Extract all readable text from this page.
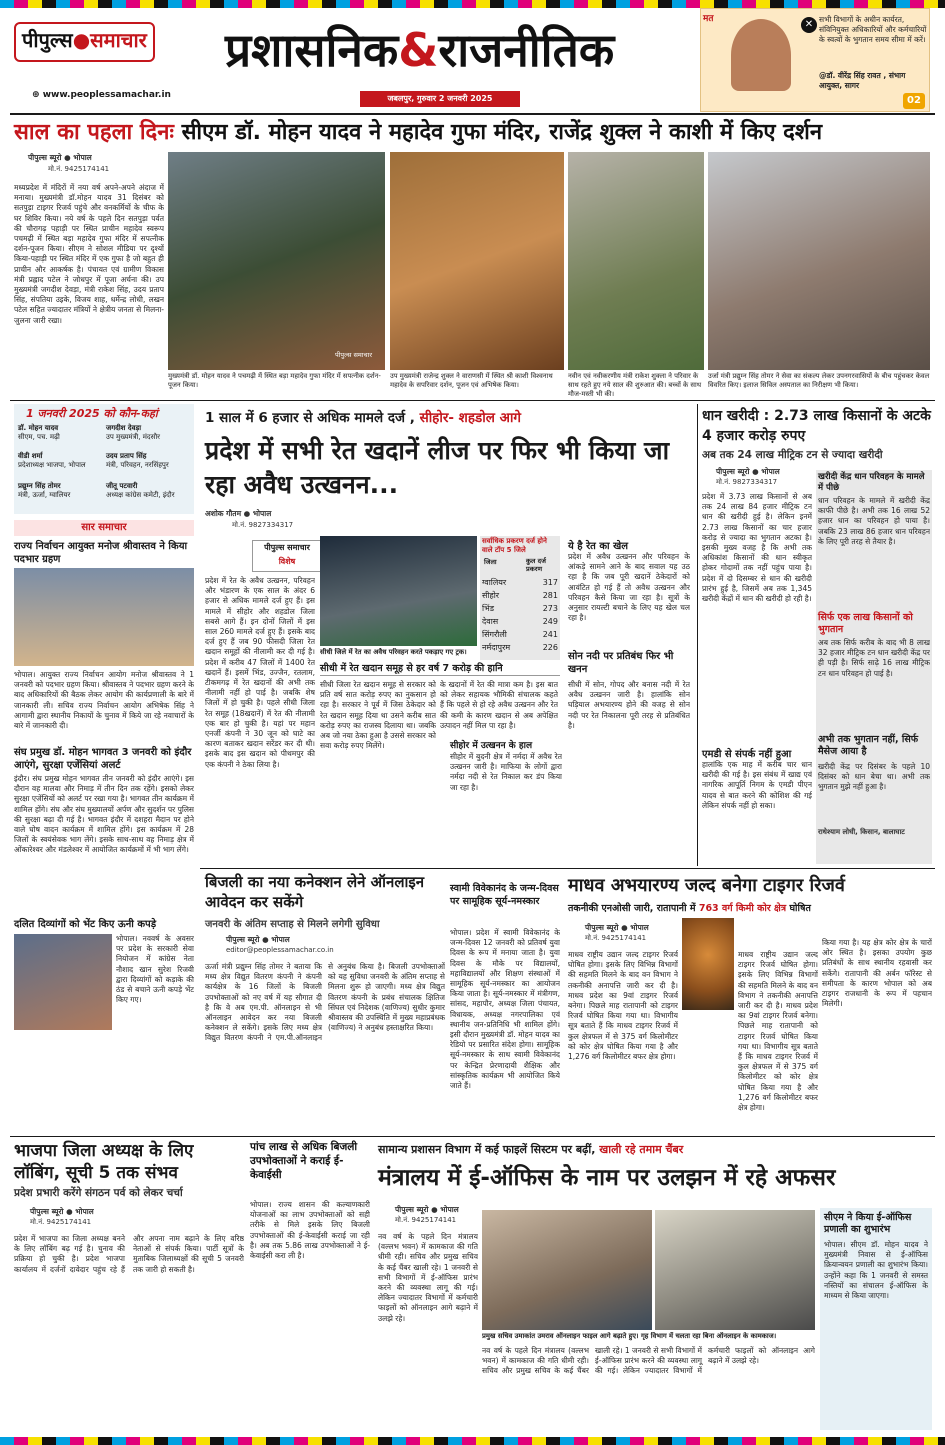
पीपुल्स●समाचार
⊕ www.peoplessamachar.in
प्रशासनिक&राजनीतिक
जबलपुर, गुरुवार 2 जनवरी 2025
मत	✕ सभी विभागों के अधीन कार्यरत, संविनियुक्त अधिकारियों और कर्मचारियों के स्वत्वों के भुगतान समय सीमा में करें।
@डॉ. वीरेंद्र सिंह रावत , संभाग आयुक्त, सागर
02
साल का पहला दिनः सीएम डॉ. मोहन यादव ने महादेव गुफा मंदिर, राजेंद्र शुक्ल ने काशी में किए दर्शन
पीपुल्स ब्यूरो ● भोपाल
मो.नं. 9425174141
मध्यप्रदेश में मंदिरों में नया वर्ष अपने-अपने अंदाज में मनाया। मुख्यमंत्री डॉ.मोहन यादव 31 दिसंबर को सतपुड़ा टाइगर रिजर्व पहुंचे और वनकर्मियों के चीफ के घर शिविर किया। नये वर्ष के पहले दिन सतपुड़ा पर्वत की चौरागढ़ पहाड़ी पर स्थित प्राचीन महादेव स्वरूप पचमढ़ी में स्थित बड़ा महादेव गुफा मंदिर में सपत्नीक दर्शन-पूजन किया। सीएम ने सोशल मीडिया पर दृश्यों किया-पहाड़ी पर स्थित मंदिर में एक गुफा है जो बहुत ही प्राचीन और आकर्षक है। पंचायत एवं ग्रामीण विकास मंत्री प्रह्लाद पटेल ने जोधपुर में पूजा अर्चना की। उप मुख्यमंत्री जगदीश देवड़ा, मंत्री राकेश सिंह, उदय प्रताप सिंह, संपतिया उइके, विजय शाह, धर्मेन्द्र लोधी, लखन पटेल सहित ज्यादातर मंत्रियों ने क्षेत्रीय जनता से मिलना-जुलना जारी रखा।
पीपुल्स समाचार
मुख्यमंत्री डॉ. मोहन यादव ने पचमढ़ी में स्थित बड़ा महादेव गुफा मंदिर में सपत्नीक दर्शन-पूजन किया।
उप मुख्यमंत्री राजेन्द्र शुक्ल ने वाराणसी में स्थित श्री काशी विश्वनाथ महादेव के सपरिवार दर्शन, पूजन एवं अभिषेक किया।
नवीन एवं नवीकरणीय मंत्री राकेश शुक्ला ने परिवार के साथ रहते हुए नये साल की शुरुआत की। बच्चों के साथ मौज-मस्ती भी की।
उर्जा मंत्री प्रद्युम्न सिंह तोमर ने सेवा का संकल्प लेकर उपनगरवासियों के बीच पहुंचकर केवल विवरित किए। इलाज सिविल अस्पताल का निरीक्षण भी किया।
1 जनवरी 2025 को कौन-कहां
डॉ. मोहन यादव
सीएम, पच. मढ़ी
जगदीश देवड़ा
उप मुख्यमंत्री, मंदसौर
वीडी शर्मा
प्रदेशाध्यक्ष भाजपा, भोपाल
उदय प्रताप सिंह
मंत्री, परिवहन, नरसिंहपुर
प्रद्युम्न सिंह तोमर
मंत्री, ऊर्जा, ग्वालियर
जीतू पटवारी
अध्यक्ष कांग्रेस कमेटी, इंदौर
सार समाचार
राज्य निर्वाचन आयुक्त मनोज श्रीवास्तव ने किया पदभार ग्रहण
भोपाल। आयुक्त राज्य निर्वाचन आयोग मनोज श्रीवास्तव ने 1 जनवरी को पदभार ग्रहण किया। श्रीवास्तव ने पदभार ग्रहण करने के बाद अधिकारियों की बैठक लेकर आयोग की कार्यप्रणाली के बारे में जानकारी ली। सचिव राज्य निर्वाचन आयोग अभिषेक सिंह ने आगामी द्वारा स्थानीय निकायों के चुनाव में किये जा रहे नवाचारों के बारे में जानकारी दी।
संघ प्रमुख डॉ. मोहन भागवत 3 जनवरी को इंदौर आएंगे, सुरक्षा एजेंसियां अलर्ट
इंदौर। संघ प्रमुख मोहन भागवत तीन जनवरी को इंदौर आएंगे। इस दौरान वह मालवा और निमाड़ में तीन दिन तक रहेंगे। इसको लेकर सुरक्षा एजेंसियों को अलर्ट पर रखा गया है। भागवत तीन कार्यक्रम में शामिल होंगे। संघ और संघ मुख्यालयों अर्पण और सुदर्शन पर पुलिस की सुरक्षा बढ़ा दी गई है। भागवत इंदौर में दशहरा मैदान पर होने वाले घोष वादन कार्यक्रम में शामिल होंगे। इस कार्यक्रम में 28 जिलों के स्वयंसेवक भाग लेंगे। इसके साथ-साथ वह निमाड़ क्षेत्र में ओंकारेश्वर और मंडलेश्वर में आयोजित कार्यक्रमों में भी भाग लेंगे।
दलित दिव्यांगों को भेंट किए ऊनी कपड़े
भोपाल। नववर्ष के अवसर पर प्रदेश के सरकारी सेवा नियोजन में कांग्रेस नेता नौशाद खान सुरेश रिजवी द्वारा दिव्यांगों को कड़ाके की ठंड से बचाने ऊनी कपड़े भेंट किए गए।
1 साल में 6 हजार से अधिक मामले दर्ज , सीहोर- शहडोल आगे
प्रदेश में सभी रेत खदानें लीज पर फिर भी किया जा रहा अवैध उत्खनन...
अशोक गौतम ● भोपाल
मो.नं. 9827334317
पीपुल्स समाचार
विशेष
प्रदेश में रेत के अवैध उत्खनन, परिवहन और भंडारण के एक साल के अंदर 6 हजार से अधिक मामले दर्ज हुए हैं। इस मामले में सीहोर और शहडोल जिला सबसे आगे हैं। इन दोनों जिलों में इस साल 260 मामले दर्ज हुए हैं। इसके बाद दर्ज हुए हैं जब 90 फीसदी जिला रेत खदान समूहों की नीलामी कर दी गई है। प्रदेश में करीब 47 जिलों में 1400 रेत खदानें हैं। इसमें भिंड, उज्जैन, रतलाम, टीकमगढ़ में रेत खदानों की अभी तक नीलामी नहीं हो पाई है। जबकि शेष जिलों में हो चुकी है। पहले सीधी जिला रेत समूह (18खदानें) में रेत की नीलामी एक बार हो चुकी है। यहां पर महान एनर्जी कंपनी ने 30 जून को घाटे का कारण बताकर खदान सरेंडर कर दी थी। इसके बाद इस खदान को पीथमपुर की एक कंपनी ने ठेका लिया है।
सीधी जिले में रेत का अवैध परिवहन करते पकड़ाए गए ट्रक।
सीधी में रेत खदान समूह से हर वर्ष 7 करोड़ की हानि
सीधी जिला रेत खदान समूह से सरकार को प्रति वर्ष सात करोड़ रुपए का नुकसान हो रहा है। सरकार ने पूर्व में जिस ठेकेदार को रेत खदान समूह दिया था उसने करीब सात करोड़ रुपए का राजस्व दिलाया था। जबकि अब जो नया ठेका हुआ है उससे सरकार को सवा करोड़ रुपए मिलेंगे।
के खदानों में रेत की मात्रा कम है। इस बात को लेकर सहायक भौमिकी संचालक कहते हैं कि पहले से हो रहे अवैध उत्खनन और रेत की कमी के कारण खदान से अब अपेक्षित उत्पादन नहीं मिल पा रहा है।
सर्वाधिक प्रकरण दर्ज होने वाले टॉप 5 जिले
जिला	कुल दर्ज प्रकरण
ग्वालियर	317
सीहोर	281
भिंड	273
देवास	249
सिंगरौली	241
नर्मदापुरम	226
ये है रेत का खेल
प्रदेश में अवैध उत्खनन और परिवहन के आंकड़े सामने आने के बाद सवाल यह उठ रहा है कि जब पूरी खदानें ठेकेदारों को आवंटित हो गई हैं तो अवैध उत्खनन और परिवहन कैसे किया जा रहा है। सूत्रों के अनुसार रायल्टी बचाने के लिए यह खेल चल रहा है।
सोन नदी पर प्रतिबंध फिर भी खनन
सीधी में सोन, गोपद और बनास नदी में रेत अवैध उत्खनन जारी है। हालांकि सोन घड़ियाल अभयारण्य होने की वजह से सोन नदी पर रेत निकालना पूरी तरह से प्रतिबंधित है।
सीहोर में उत्खनन के हाल
सीहोर में बुदनी क्षेत्र में नर्मदा में अवैध रेत उत्खनन जारी है। माफिया के लोगों द्वारा नर्मदा नदी से रेत निकाल कर डंप किया जा रहा है।
धान खरीदी : 2.73 लाख किसानों के अटके 4 हजार करोड़ रुपए
अब तक 24 लाख मीट्रिक टन से ज्यादा खरीदी
पीपुल्स ब्यूरो ● भोपाल
मो.नं. 9827334317
प्रदेश में 3.73 लाख किसानों से अब तक 24 लाख 84 हजार मीट्रिक टन धान की खरीदी हुई है। लेकिन इनमें 2.73 लाख किसानों का चार हजार करोड़ से ज्यादा का भुगतान अटका है। इसकी मुख्य वजह है कि अभी तक अधिकांश किसानों की धान स्वीकृत होकर गोदामों तक नहीं पहुंच पाया है। प्रदेश में दो दिसम्बर से धान की खरीदी प्रारंभ हुई है, जिसमें अब तक 1,345 खरीदी केंद्रों में धान की खरीदी हो रही है।
एमडी से संपर्क नहीं हुआ
हालांकि एक माह में करीब चार धान खरीदी की गई है। इस संबंध में खाद्य एवं नागरिक आपूर्ति निगम के एमडी पीएन यादव से बात करने की कोशिश की गई लेकिन संपर्क नहीं हो सका।
खरीदी केंद्र धान परिवहन के मामले में पीछे
धान परिवहन के मामले में खरीदी केंद्र काफी पीछे है। अभी तक 16 लाख 52 हजार धान का परिवहन हो पाया है। जबकि 23 लाख 86 हजार धान परिवहन के लिए पूरी तरह से तैयार है।
सिर्फ एक लाख किसानों को भुगतान
अब तक सिर्फ करीब के बाद भी 8 लाख 32 हजार मीट्रिक टन धान खरीदी केंद्र पर ही पड़ी है। सिर्फ साढ़े 16 लाख मीट्रिक टन धान परिवहन हो पाई है।
अभी तक भुगतान नहीं, सिर्फ मैसेज आया है
खरीदी केंद्र पर दिसंबर के पहले 10 दिसंबर को धान बेचा था। अभी तक भुगतान मुझे नहीं हुआ है।
राधेश्याम लोधी, किसान, बालाघाट
बिजली का नया कनेक्शन लेने ऑनलाइन आवेदन कर सकेंगे
जनवरी के अंतिम सप्ताह से मिलने लगेगी सुविधा
पीपुल्स ब्यूरो ● भोपाल
editor@peoplessamachar.co.in
ऊर्जा मंत्री प्रद्युम्न सिंह तोमर ने बताया कि मध्य क्षेत्र विद्युत वितरण कंपनी ने कंपनी कार्यक्षेत्र के 16 जिलों के बिजली उपभोक्ताओं को नए वर्ष में यह सौगात दी है कि वे अब एम.पी. ऑनलाइन से भी ऑनलाइन आवेदन कर नया बिजली कनेक्शन ले सकेंगे। इसके लिए मध्य क्षेत्र विद्युत वितरण कंपनी ने एम.पी.ऑनलाइन से अनुबंध किया है। बिजली उपभोक्ताओं को यह सुविधा जनवरी के अंतिम सप्ताह से मिलना शुरू हो जाएगी। मध्य क्षेत्र विद्युत वितरण कंपनी के प्रबंध संचालक क्षितिज सिंघल एवं निदेशक (वाणिज्य) सुधीर कुमार श्रीवास्तव की उपस्थिति में मुख्य महाप्रबंधक (वाणिज्य) ने अनुबंध हस्ताक्षरित किया।
स्वामी विवेकानंद के जन्म-दिवस पर सामूहिक सूर्य-नमस्कार
भोपाल। प्रदेश में स्वामी विवेकानंद के जन्म-दिवस 12 जनवरी को प्रतिवर्ष युवा दिवस के रूप में मनाया जाता है। युवा दिवस के मौके पर विद्यालयों, महाविद्यालयों और शिक्षण संस्थाओं में सामूहिक सूर्य-नमस्कार का आयोजन किया जाता है। सूर्य-नमस्कार में मंत्रीगण, सांसद, महापौर, अध्यक्ष जिला पंचायत, विधायक, अध्यक्ष नगरपालिका एवं स्थानीय जन-प्रतिनिधि भी शामिल होंगे। इसी दौरान मुख्यमंत्री डॉ. मोहन यादव का रेडियो पर प्रसारित संदेश होगा। सामूहिक सूर्य-नमस्कार के साथ स्वामी विवेकानंद पर केन्द्रित प्रेरणादायी शैक्षिक और सांस्कृतिक कार्यक्रम भी आयोजित किये जाते हैं।
माधव अभयारण्य जल्द बनेगा टाइगर रिजर्व
तकनीकी एनओसी जारी, रातापानी में 763 वर्ग किमी कोर क्षेत्र घोषित
पीपुल्स ब्यूरो ● भोपाल
मो.नं. 9425174141
माधव राष्ट्रीय उद्यान जल्द टाइगर रिजर्व घोषित होगा। इसके लिए विभिन्न विभागों की सहमति मिलने के बाद वन विभाग ने तकनीकी अनापत्ति जारी कर दी है। माधव प्रदेश का 9वां टाइगर रिजर्व बनेगा। पिछले माह रातापानी को टाइगर रिजर्व घोषित किया गया था। विभागीय सूत्र बताते हैं कि माधव टाइगर रिजर्व में कुल क्षेत्रफल में से 375 वर्ग किलोमीटर को कोर क्षेत्र घोषित किया गया है और 1,276 वर्ग किलोमीटर बफर क्षेत्र होगा।
माधव राष्ट्रीय उद्यान जल्द टाइगर रिजर्व घोषित होगा। इसके लिए विभिन्न विभागों की सहमति मिलने के बाद वन विभाग ने तकनीकी अनापत्ति जारी कर दी है। माधव प्रदेश का 9वां टाइगर रिजर्व बनेगा। पिछले माह रातापानी को टाइगर रिजर्व घोषित किया गया था। विभागीय सूत्र बताते हैं कि माधव टाइगर रिजर्व में कुल क्षेत्रफल में से 375 वर्ग किलोमीटर को कोर क्षेत्र घोषित किया गया है और 1,276 वर्ग किलोमीटर बफर क्षेत्र होगा।
किया गया है। यह क्षेत्र कोर क्षेत्र के चारों ओर स्थित है। इसका उपयोग कुछ प्रतिबंधों के साथ स्थानीय रहवासी कर सकेंगे। रातापानी की अर्बन फॉरेस्ट से समीपता के कारण भोपाल को अब टाइगर राजधानी के रूप में पहचान मिलेगी।
भाजपा जिला अध्यक्ष के लिए लॉबिंग, सूची 5 तक संभव
प्रदेश प्रभारी करेंगे संगठन पर्व को लेकर चर्चा
पीपुल्स ब्यूरो ● भोपाल
मो.नं. 9425174141
प्रदेश में भाजपा का जिला अध्यक्ष बनने के लिए लॉबिंग बढ़ गई है। चुनाव की प्रक्रिया हो चुकी है। प्रदेश भाजपा कार्यालय में दर्जनों दावेदार पहुंच रहे हैं और अपना नाम बढ़ाने के लिए वरिष्ठ नेताओं से संपर्क किया। पार्टी सूत्रों के मुताबिक जिलाध्यक्षों की सूची 5 जनवरी तक जारी हो सकती है।
पांच लाख से अधिक बिजली उपभोक्ताओं ने कराई ई-केवाईसी
भोपाल। राज्य शासन की कल्याणकारी योजनाओं का लाभ उपभोक्ताओं को सही तरीके से मिले इसके लिए बिजली उपभोक्ताओं की ई-केवाईसी कराई जा रही है। अब तक 5.86 लाख उपभोक्ताओं ने ई-केवाईसी करा ली है।
सामान्य प्रशासन विभाग में कई फाइलें सिस्टम पर बढ़ीं, खाली रहे तमाम चैंबर
मंत्रालय में ई-ऑफिस के नाम पर उलझन में रहे अफसर
पीपुल्स ब्यूरो ● भोपाल
मो.नं. 9425174141
प्रमुख सचिव उमाकांत उमराव ऑनलाइन फाइल आगे बढ़ाते हुए। गृह विभाग में चलता रहा बिना ऑनलाइन के कामकाज।
नव वर्ष के पहले दिन मंत्रालय (वल्लभ भवन) में कामकाज की गति धीमी रही। सचिव और प्रमुख सचिव के कई चैंबर खाली रहे। 1 जनवरी से सभी विभागों में ई-ऑफिस प्रारंभ करने की व्यवस्था लागू की गई। लेकिन ज्यादातर विभागों में कर्मचारी फाइलों को ऑनलाइन आगे बढ़ाने में उलझे रहे।
नव वर्ष के पहले दिन मंत्रालय (वल्लभ भवन) में कामकाज की गति धीमी रही। सचिव और प्रमुख सचिव के कई चैंबर खाली रहे। 1 जनवरी से सभी विभागों में ई-ऑफिस प्रारंभ करने की व्यवस्था लागू की गई। लेकिन ज्यादातर विभागों में कर्मचारी फाइलों को ऑनलाइन आगे बढ़ाने में उलझे रहे।
सीएम ने किया ई-ऑफिस प्रणाली का शुभारंभ
भोपाल। सीएम डॉ. मोहन यादव ने मुख्यमंत्री निवास से ई-ऑफिस क्रियान्वयन प्रणाली का शुभारंभ किया। उन्होंने कहा कि 1 जनवरी से समस्त नस्तियों का संचालन ई-ऑफिस के माध्यम से किया जाएगा।
